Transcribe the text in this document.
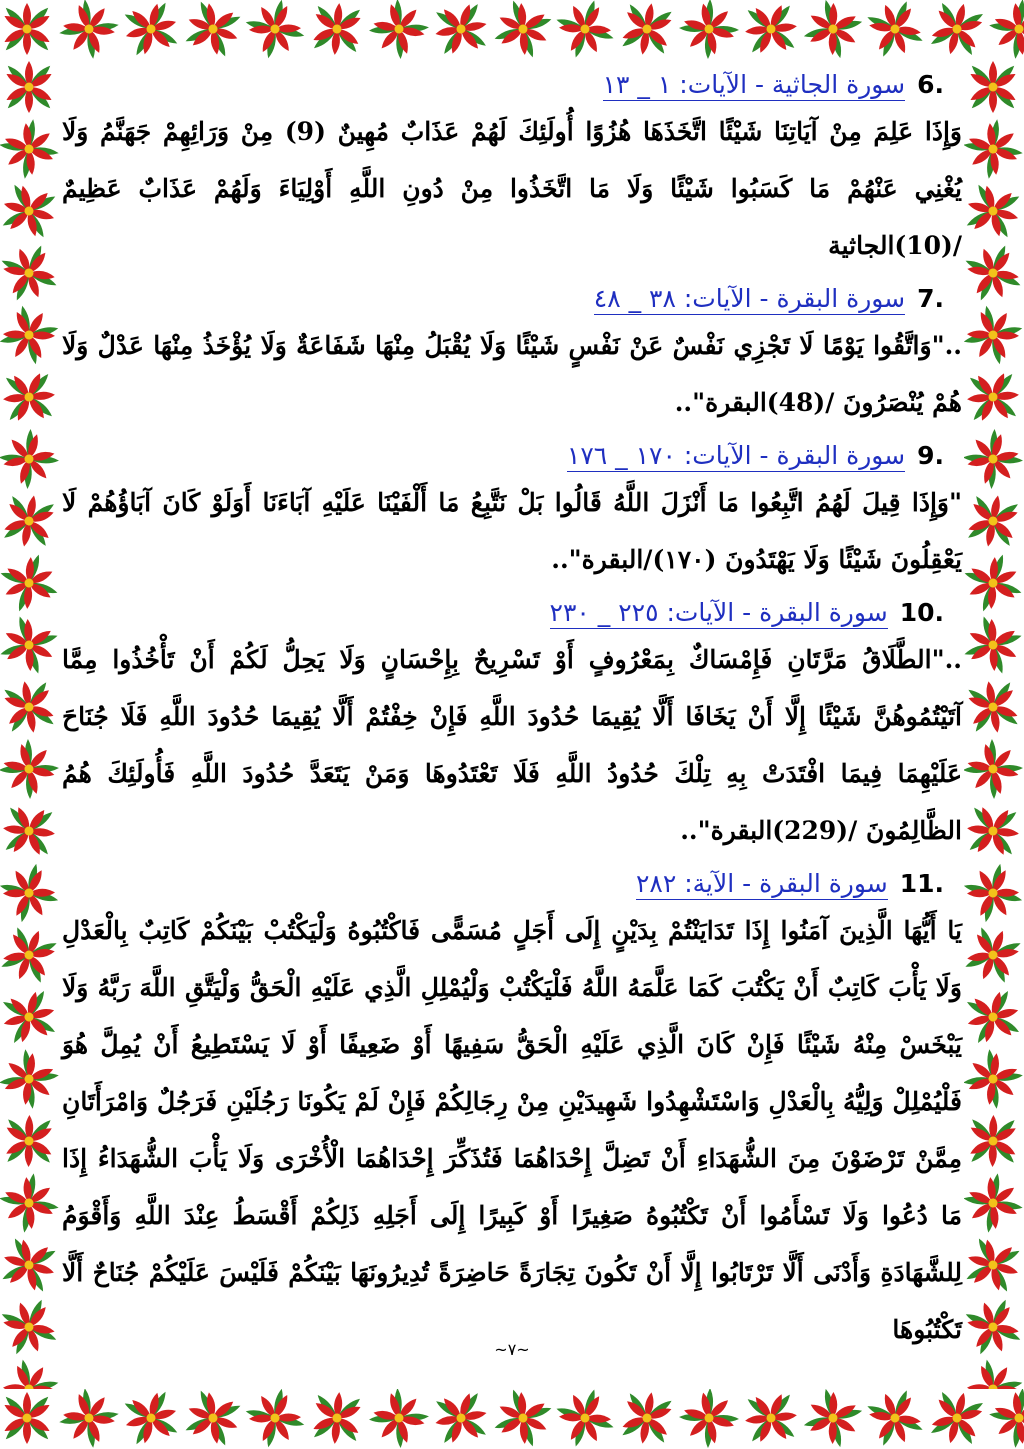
.6 سورة الجاثية - الآيات: ١ _ ١٣

وَإِذَا عَلِمَ مِنْ آيَاتِنَا شَيْئًا اتَّخَذَهَا هُزُوًا أُولَئِكَ لَهُمْ عَذَابٌ مُهِينٌ (9) مِنْ وَرَائِهِمْ جَهَنَّمُ وَلَا يُغْنِي عَنْهُمْ مَا كَسَبُوا شَيْئًا وَلَا مَا اتَّخَذُوا مِنْ دُونِ اللَّهِ أَوْلِيَاءَ وَلَهُمْ عَذَابٌ عَظِيمٌ /(10)الجاثية

.7 سورة البقرة - الآيات: ٣٨ _ ٤٨

.."وَاتَّقُوا يَوْمًا لَا تَجْزِي نَفْسٌ عَنْ نَفْسٍ شَيْئًا وَلَا يُقْبَلُ مِنْهَا شَفَاعَةٌ وَلَا يُؤْخَذُ مِنْهَا عَدْلٌ وَلَا هُمْ يُنْصَرُونَ /(48)البقرة"..

.9 سورة البقرة - الآيات: ١٧٠ _ ١٧٦

"وَإِذَا قِيلَ لَهُمُ اتَّبِعُوا مَا أَنْزَلَ اللَّهُ قَالُوا بَلْ نَتَّبِعُ مَا أَلْفَيْنَا عَلَيْهِ آبَاءَنَا أَوَلَوْ كَانَ آبَاؤُهُمْ لَا يَعْقِلُونَ شَيْئًا وَلَا يَهْتَدُونَ (١٧٠)/البقرة"..

.10 سورة البقرة - الآيات: ٢٢٥ _ ٢٣٠

.."الطَّلَاقُ مَرَّتَانِ فَإِمْسَاكٌ بِمَعْرُوفٍ أَوْ تَسْرِيحٌ بِإِحْسَانٍ وَلَا يَحِلُّ لَكُمْ أَنْ تَأْخُذُوا مِمَّا آتَيْتُمُوهُنَّ شَيْئًا إِلَّا أَنْ يَخَافَا أَلَّا يُقِيمَا حُدُودَ اللَّهِ فَإِنْ خِفْتُمْ أَلَّا يُقِيمَا حُدُودَ اللَّهِ فَلَا جُنَاحَ عَلَيْهِمَا فِيمَا افْتَدَتْ بِهِ تِلْكَ حُدُودُ اللَّهِ فَلَا تَعْتَدُوهَا وَمَنْ يَتَعَدَّ حُدُودَ اللَّهِ فَأُولَئِكَ هُمُ الظَّالِمُونَ /(229)البقرة"..

.11 سورة البقرة - الآية: ٢٨٢

يَا أَيُّهَا الَّذِينَ آمَنُوا إِذَا تَدَايَنْتُمْ بِدَيْنٍ إِلَى أَجَلٍ مُسَمًّى فَاكْتُبُوهُ وَلْيَكْتُبْ بَيْنَكُمْ كَاتِبٌ بِالْعَدْلِ وَلَا يَأْبَ كَاتِبٌ أَنْ يَكْتُبَ كَمَا عَلَّمَهُ اللَّهُ فَلْيَكْتُبْ وَلْيُمْلِلِ الَّذِي عَلَيْهِ الْحَقُّ وَلْيَتَّقِ اللَّهَ رَبَّهُ وَلَا يَبْخَسْ مِنْهُ شَيْئًا فَإِنْ كَانَ الَّذِي عَلَيْهِ الْحَقُّ سَفِيهًا أَوْ ضَعِيفًا أَوْ لَا يَسْتَطِيعُ أَنْ يُمِلَّ هُوَ فَلْيُمْلِلْ وَلِيُّهُ بِالْعَدْلِ وَاسْتَشْهِدُوا شَهِيدَيْنِ مِنْ رِجَالِكُمْ فَإِنْ لَمْ يَكُونَا رَجُلَيْنِ فَرَجُلٌ وَامْرَأَتَانِ مِمَّنْ تَرْضَوْنَ مِنَ الشُّهَدَاءِ أَنْ تَضِلَّ إِحْدَاهُمَا فَتُذَكِّرَ إِحْدَاهُمَا الْأُخْرَى وَلَا يَأْبَ الشُّهَدَاءُ إِذَا مَا دُعُوا وَلَا تَسْأَمُوا أَنْ تَكْتُبُوهُ صَغِيرًا أَوْ كَبِيرًا إِلَى أَجَلِهِ ذَلِكُمْ أَقْسَطُ عِنْدَ اللَّهِ وَأَقْوَمُ لِلشَّهَادَةِ وَأَدْنَى أَلَّا تَرْتَابُوا إِلَّا أَنْ تَكُونَ تِجَارَةً حَاضِرَةً تُدِيرُونَهَا بَيْنَكُمْ فَلَيْسَ عَلَيْكُمْ جُنَاحٌ أَلَّا تَكْتُبُوهَا

~٧~
